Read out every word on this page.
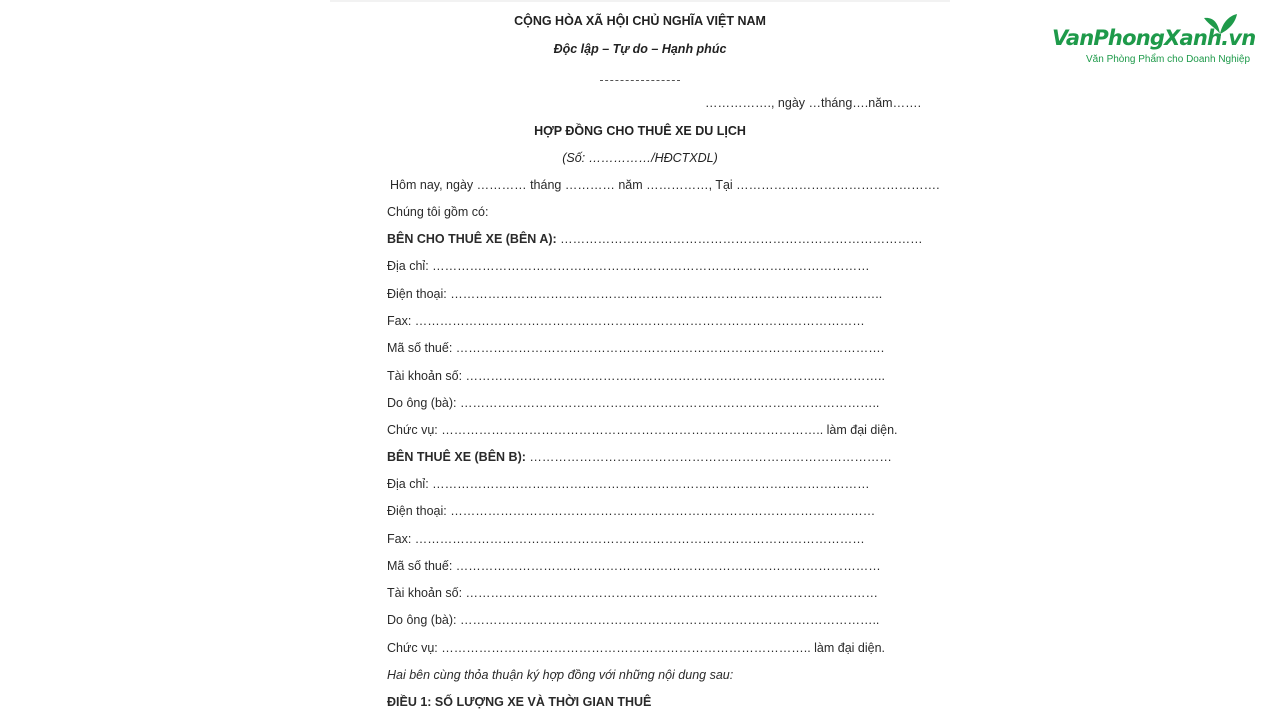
CỘNG HÒA XÃ HỘI CHỦ NGHĨA VIỆT NAM
Độc lập – Tự do – Hạnh phúc
……………., ngày …tháng….năm…….
HỢP ĐỒNG CHO THUÊ XE DU LỊCH
(Số: ……………/HĐCTXDL)
Hôm nay, ngày ………… tháng ………… năm ……………, Tại ………………………………………….
Chúng tôi gồm có:
BÊN CHO THUÊ XE (BÊN A): ……………………………………………………………………………
Địa chỉ: ……………………………………………………………………………………………
Điện thoại: …………………………………………………………………………………………..
Fax: ………………………………………………………………………………………………
Mã số thuế: ………………………………………………………………………………………….
Tài khoản số: ………………………………………………………………………………………..
Do ông (bà): ………………………………………………………………………………………..
Chức vụ: ……………………………………………………………………………….. làm đại diện.
BÊN THUÊ XE (BÊN B): ……………………………………………………………………………
Địa chỉ: ……………………………………………………………………………………………
Điện thoại: …………………………………………………………………………………………
Fax: ………………………………………………………………………………………………
Mã số thuế: …………………………………………………………………………………………
Tài khoản số: ………………………………………………………………………………………
Do ông (bà): ………………………………………………………………………………………..
Chức vụ: …………………………………………………………………………….. làm đại diện.
Hai bên cùng thỏa thuận ký hợp đồng với những nội dung sau:
ĐIỀU 1: SỐ LƯỢNG XE VÀ THỜI GIAN THUÊ
VanPhongXanh.vn
Văn Phòng Phẩm cho Doanh Nghiệp
